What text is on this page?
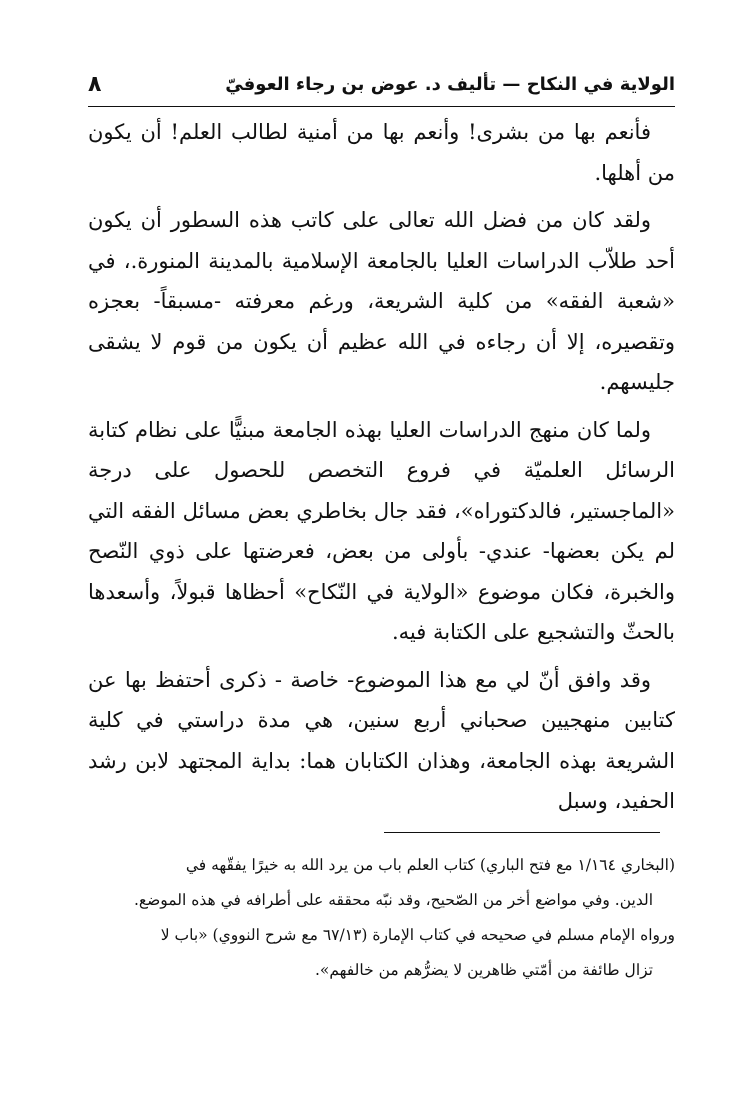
الولاية في النكاح — تأليف د. عوض بن رجاء العوفيّ
٨

فأنعم بها من بشرى! وأنعم بها من أمنية لطالب العلم! أن يكون من أهلها.

ولقد كان من فضل الله تعالى على كاتب هذه السطور أن يكون أحد طلاّب الدراسات العليا بالجامعة الإسلامية بالمدينة المنورة.، في «شعبة الفقه» من كلية الشريعة، ورغم معرفته -مسبقاً- بعجزه وتقصيره، إلا أن رجاءه في الله عظيم أن يكون من قوم لا يشقى جليسهم.

ولما كان منهج الدراسات العليا بهذه الجامعة مبنيًّا على نظام كتابة الرسائل العلميّة في فروع التخصص للحصول على درجة «الماجستير، فالدكتوراه»، فقد جال بخاطري بعض مسائل الفقه التي لم يكن بعضها- عندي- بأولى من بعض، فعرضتها على ذوي النّصح والخبرة، فكان موضوع «الولاية في النّكاح» أحظاها قبولاً، وأسعدها بالحثّ والتشجيع على الكتابة فيه.

وقد وافق أنّ لي مع هذا الموضوع- خاصة - ذكرى أحتفظ بها عن كتابين منهجيين صحباني أربع سنين، هي مدة دراستي في كلية الشريعة بهذه الجامعة، وهذان الكتابان هما: بداية المجتهد لابن رشد الحفيد، وسبل

(البخاري ١/١٦٤ مع فتح الباري) كتاب العلم باب من يرد الله به خيرًا يفقّهه في

الدين. وفي مواضع أخر من الصّحيح، وقد نبّه محققه على أطرافه في هذه الموضع.

ورواه الإمام مسلم في صحيحه في كتاب الإمارة (٦٧/١٣ مع شرح النووي) «باب لا

تزال طائفة من أمّتي ظاهرين لا يضرُّهم من خالفهم».
